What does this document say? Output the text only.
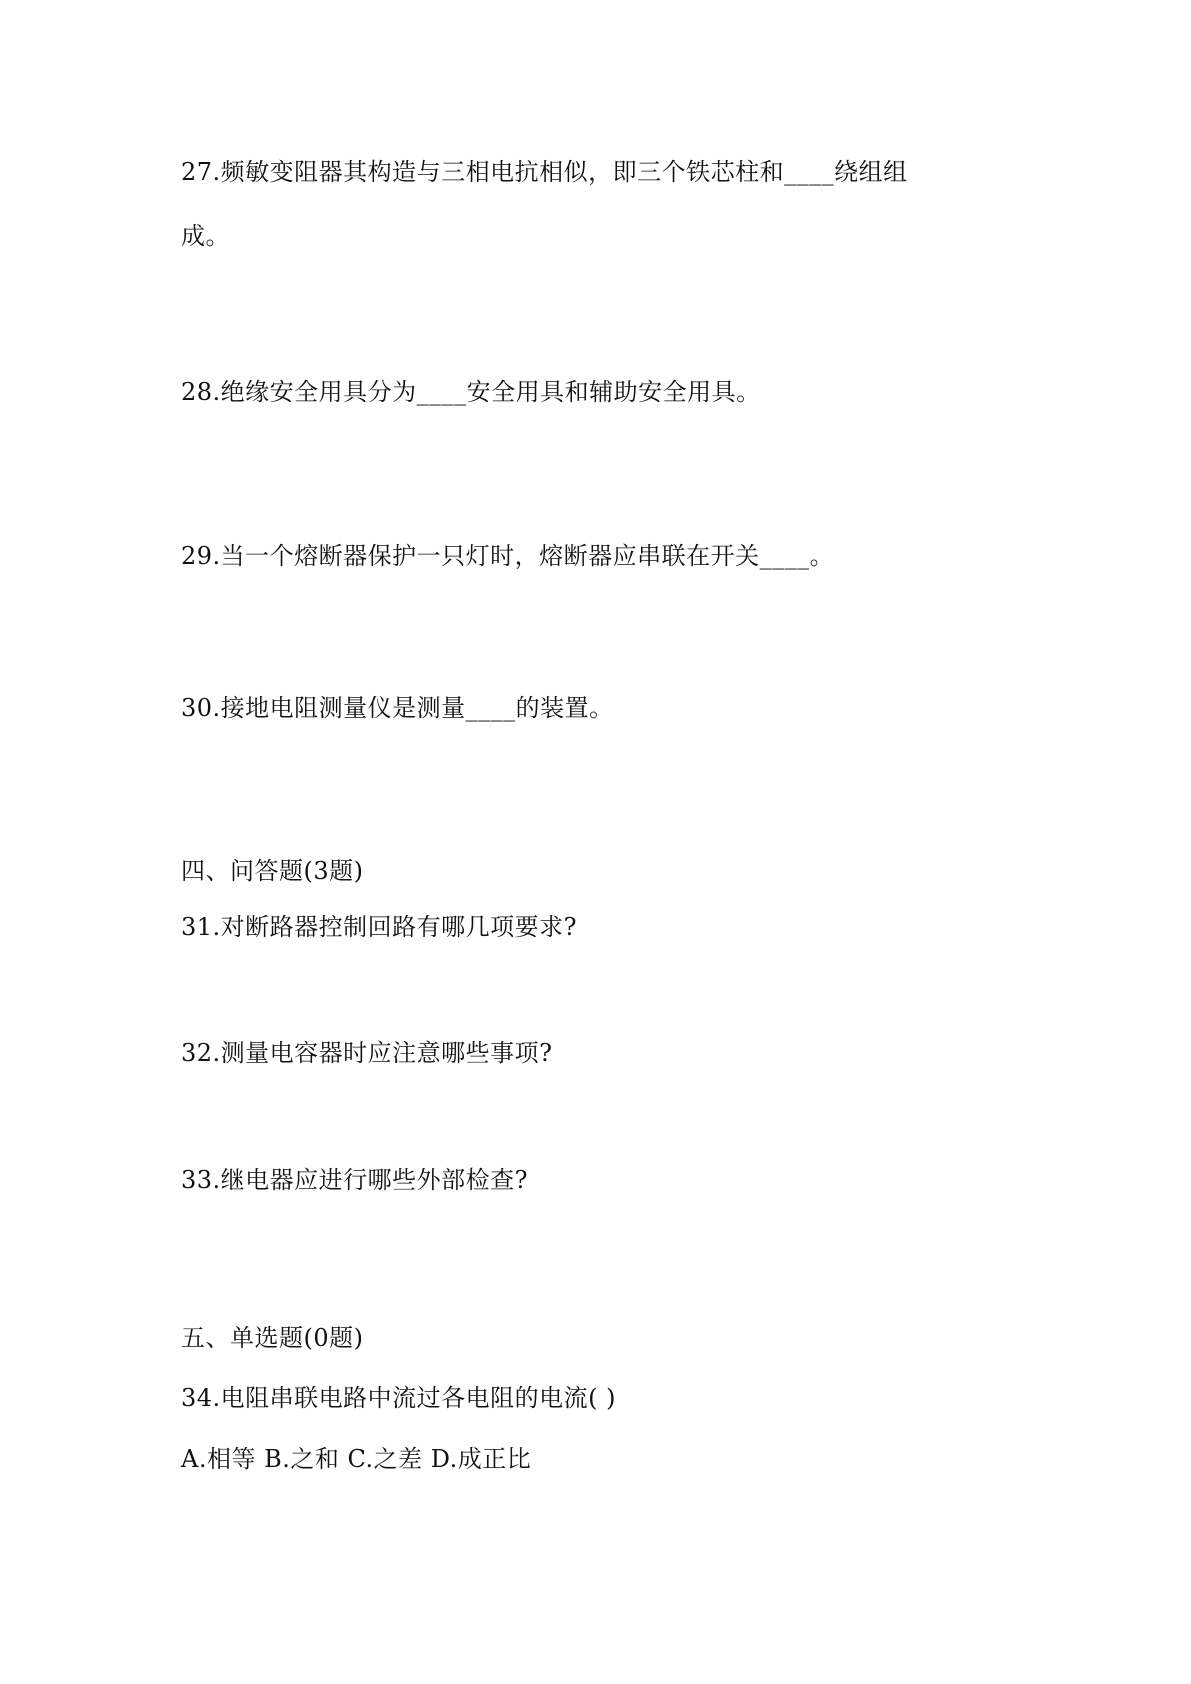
27.频敏变阻器其构造与三相电抗相似，即三个铁芯柱和____绕组组
成。
28.绝缘安全用具分为____安全用具和辅助安全用具。
29.当一个熔断器保护一只灯时，熔断器应串联在开关____。
30.接地电阻测量仪是测量____的装置。
四、问答题(3题)
31.对断路器控制回路有哪几项要求?
32.测量电容器时应注意哪些事项?
33.继电器应进行哪些外部检查?
五、单选题(0题)
34.电阻串联电路中流过各电阻的电流( )
A.相等 B.之和 C.之差 D.成正比
